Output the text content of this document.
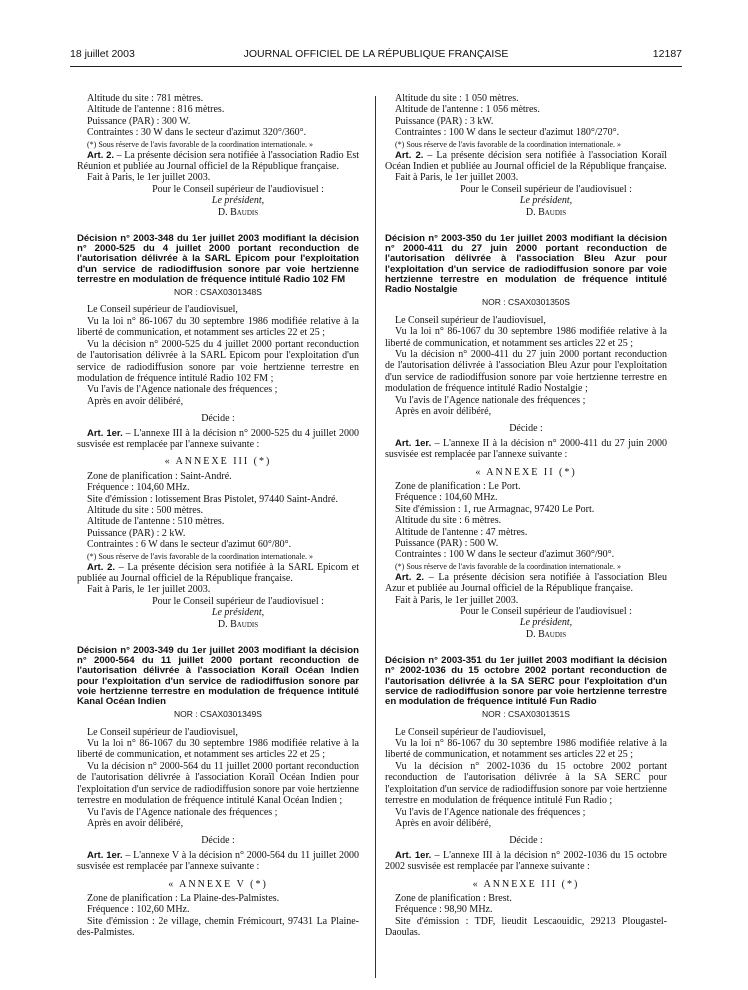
18 juillet 2003	JOURNAL OFFICIEL DE LA RÉPUBLIQUE FRANÇAISE	12187

Altitude du site : 781 mètres.

Altitude de l'antenne : 816 mètres.

Puissance (PAR) : 300 W.

Contraintes : 30 W dans le secteur d'azimut 320°/360°.

(*) Sous réserve de l'avis favorable de la coordination internationale. »

Art. 2. – La présente décision sera notifiée à l'association Radio Est Réunion et publiée au Journal officiel de la République française.

Fait à Paris, le 1er juillet 2003.

Pour le Conseil supérieur de l'audiovisuel :

Le président,

D. Baudis

Décision n° 2003-348 du 1er juillet 2003 modifiant la décision n° 2000-525 du 4 juillet 2000 portant reconduction de l'autorisation délivrée à la SARL Epicom pour l'exploitation d'un service de radiodiffusion sonore par voie hertzienne terrestre en modulation de fréquence intitulé Radio 102 FM

NOR : CSAX0301348S

Le Conseil supérieur de l'audiovisuel,

Vu la loi n° 86-1067 du 30 septembre 1986 modifiée relative à la liberté de communication, et notamment ses articles 22 et 25 ;

Vu la décision n° 2000-525 du 4 juillet 2000 portant reconduction de l'autorisation délivrée à la SARL Epicom pour l'exploitation d'un service de radiodiffusion sonore par voie hertzienne terrestre en modulation de fréquence intitulé Radio 102 FM ;

Vu l'avis de l'Agence nationale des fréquences ;

Après en avoir délibéré,

Décide :

Art. 1er. – L'annexe III à la décision n° 2000-525 du 4 juillet 2000 susvisée est remplacée par l'annexe suivante :

« ANNEXE III (*)

Zone de planification : Saint-André.

Fréquence : 104,60 MHz.

Site d'émission : lotissement Bras Pistolet, 97440 Saint-André.

Altitude du site : 500 mètres.

Altitude de l'antenne : 510 mètres.

Puissance (PAR) : 2 kW.

Contraintes : 6 W dans le secteur d'azimut 60°/80°.

(*) Sous réserve de l'avis favorable de la coordination internationale. »

Art. 2. – La présente décision sera notifiée à la SARL Epicom et publiée au Journal officiel de la République française.

Fait à Paris, le 1er juillet 2003.

Pour le Conseil supérieur de l'audiovisuel :

Le président,

D. Baudis

Décision n° 2003-349 du 1er juillet 2003 modifiant la décision n° 2000-564 du 11 juillet 2000 portant reconduction de l'autorisation délivrée à l'association Koraïl Océan Indien pour l'exploitation d'un service de radiodiffusion sonore par voie hertzienne terrestre en modulation de fréquence intitulé Kanal Océan Indien

NOR : CSAX0301349S

Le Conseil supérieur de l'audiovisuel,

Vu la loi n° 86-1067 du 30 septembre 1986 modifiée relative à la liberté de communication, et notamment ses articles 22 et 25 ;

Vu la décision n° 2000-564 du 11 juillet 2000 portant reconduction de l'autorisation délivrée à l'association Koraïl Océan Indien pour l'exploitation d'un service de radiodiffusion sonore par voie hertzienne terrestre en modulation de fréquence intitulé Kanal Océan Indien ;

Vu l'avis de l'Agence nationale des fréquences ;

Après en avoir délibéré,

Décide :

Art. 1er. – L'annexe V à la décision n° 2000-564 du 11 juillet 2000 susvisée est remplacée par l'annexe suivante :

« ANNEXE V (*)

Zone de planification : La Plaine-des-Palmistes.

Fréquence : 102,60 MHz.

Site d'émission : 2e village, chemin Frémicourt, 97431 La Plaine-des-Palmistes.

Altitude du site : 1 050 mètres.

Altitude de l'antenne : 1 056 mètres.

Puissance (PAR) : 3 kW.

Contraintes : 100 W dans le secteur d'azimut 180°/270°.

(*) Sous réserve de l'avis favorable de la coordination internationale. »

Art. 2. – La présente décision sera notifiée à l'association Koraïl Océan Indien et publiée au Journal officiel de la République française.

Fait à Paris, le 1er juillet 2003.

Pour le Conseil supérieur de l'audiovisuel :

Le président,

D. Baudis

Décision n° 2003-350 du 1er juillet 2003 modifiant la décision n° 2000-411 du 27 juin 2000 portant reconduction de l'autorisation délivrée à l'association Bleu Azur pour l'exploitation d'un service de radiodiffusion sonore par voie hertzienne terrestre en modulation de fréquence intitulé Radio Nostalgie

NOR : CSAX0301350S

Le Conseil supérieur de l'audiovisuel,

Vu la loi n° 86-1067 du 30 septembre 1986 modifiée relative à la liberté de communication, et notamment ses articles 22 et 25 ;

Vu la décision n° 2000-411 du 27 juin 2000 portant reconduction de l'autorisation délivrée à l'association Bleu Azur pour l'exploitation d'un service de radiodiffusion sonore par voie hertzienne terrestre en modulation de fréquence intitulé Radio Nostalgie ;

Vu l'avis de l'Agence nationale des fréquences ;

Après en avoir délibéré,

Décide :

Art. 1er. – L'annexe II à la décision n° 2000-411 du 27 juin 2000 susvisée est remplacée par l'annexe suivante :

« ANNEXE II (*)

Zone de planification : Le Port.

Fréquence : 104,60 MHz.

Site d'émission : 1, rue Armagnac, 97420 Le Port.

Altitude du site : 6 mètres.

Altitude de l'antenne : 47 mètres.

Puissance (PAR) : 500 W.

Contraintes : 100 W dans le secteur d'azimut 360°/90°.

(*) Sous réserve de l'avis favorable de la coordination internationale. »

Art. 2. – La présente décision sera notifiée à l'association Bleu Azur et publiée au Journal officiel de la République française.

Fait à Paris, le 1er juillet 2003.

Pour le Conseil supérieur de l'audiovisuel :

Le président,

D. Baudis

Décision n° 2003-351 du 1er juillet 2003 modifiant la décision n° 2002-1036 du 15 octobre 2002 portant reconduction de l'autorisation délivrée à la SA SERC pour l'exploitation d'un service de radiodiffusion sonore par voie hertzienne terrestre en modulation de fréquence intitulé Fun Radio

NOR : CSAX0301351S

Le Conseil supérieur de l'audiovisuel,

Vu la loi n° 86-1067 du 30 septembre 1986 modifiée relative à la liberté de communication, et notamment ses articles 22 et 25 ;

Vu la décision n° 2002-1036 du 15 octobre 2002 portant reconduction de l'autorisation délivrée à la SA SERC pour l'exploitation d'un service de radiodiffusion sonore par voie hertzienne terrestre en modulation de fréquence intitulé Fun Radio ;

Vu l'avis de l'Agence nationale des fréquences ;

Après en avoir délibéré,

Décide :

Art. 1er. – L'annexe III à la décision n° 2002-1036 du 15 octobre 2002 susvisée est remplacée par l'annexe suivante :

« ANNEXE III (*)

Zone de planification : Brest.

Fréquence : 98,90 MHz.

Site d'émission : TDF, lieudit Lescaouidic, 29213 Plougastel-Daoulas.
